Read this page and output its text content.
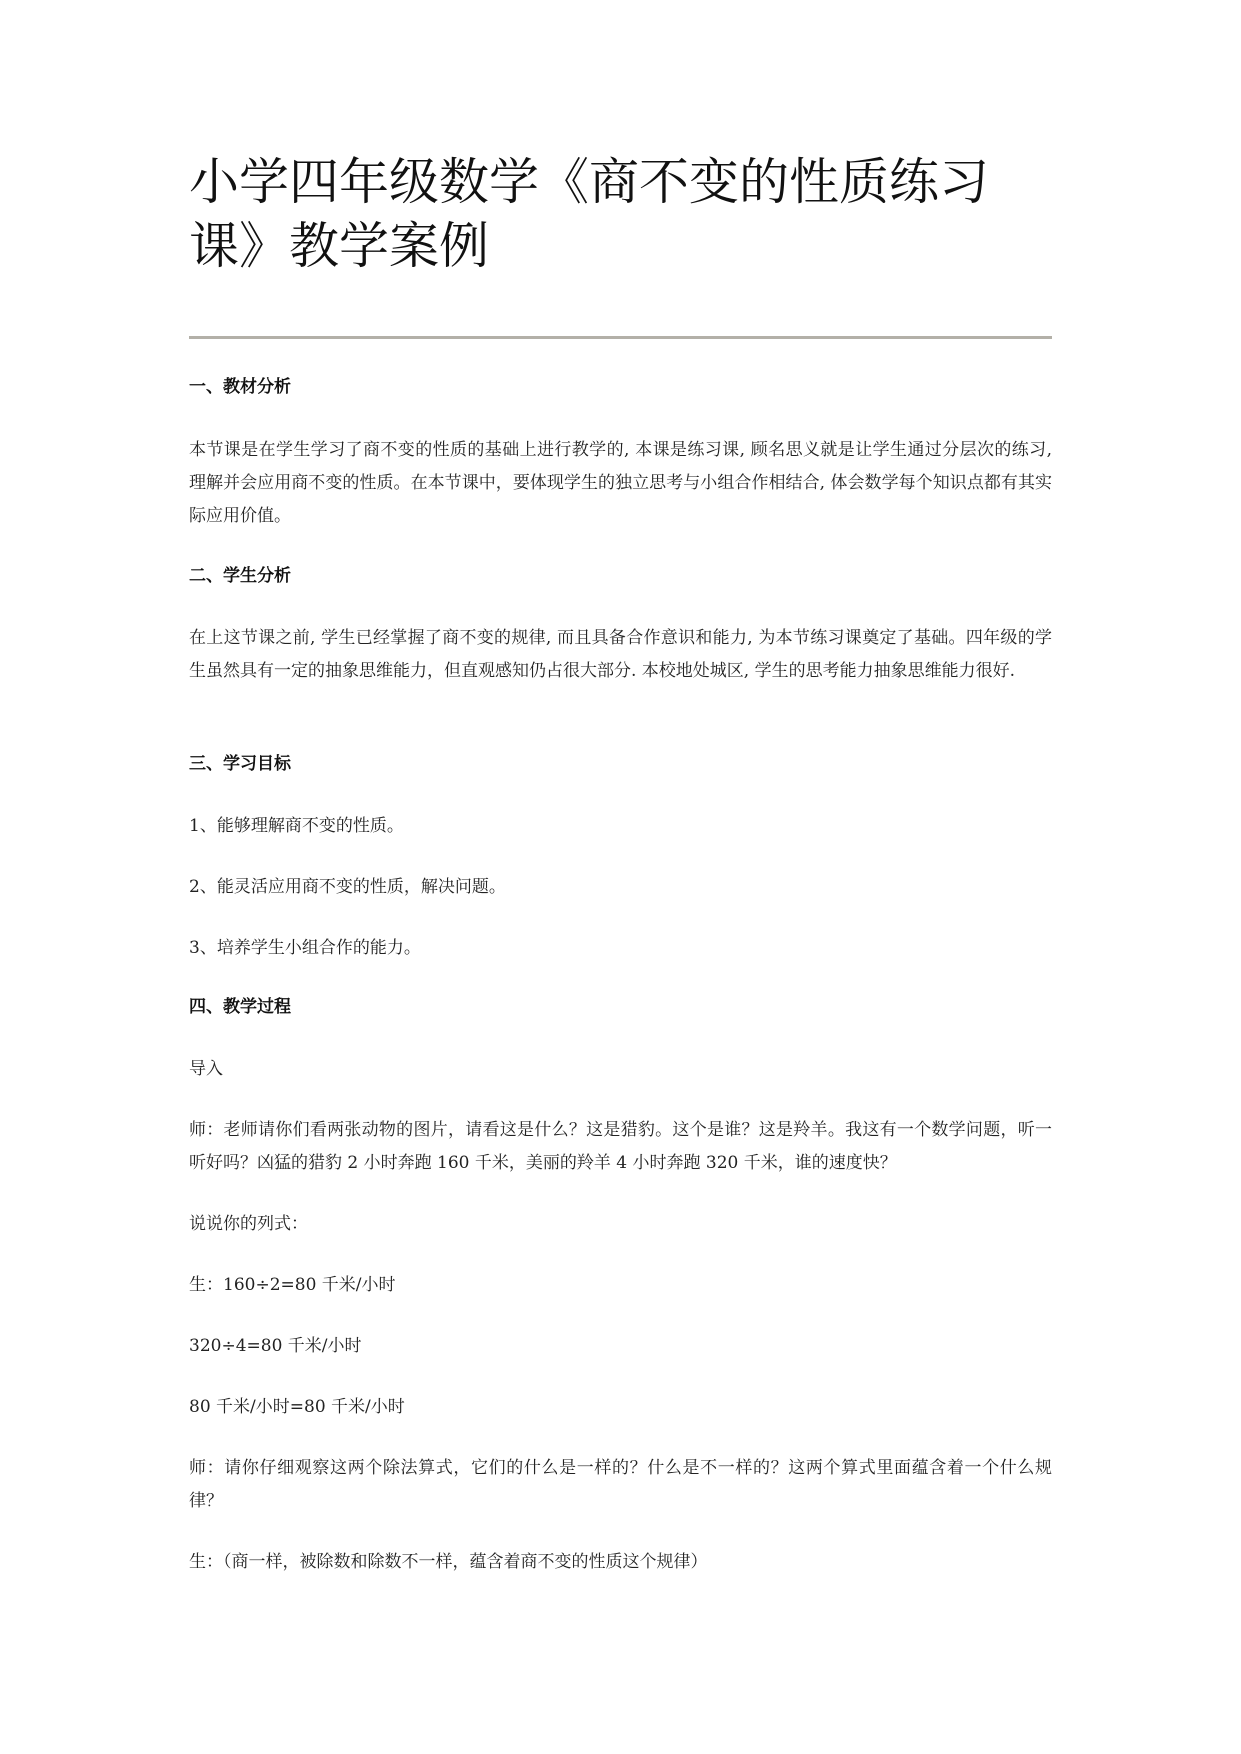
小学四年级数学《商不变的性质练习课》教学案例
一、教材分析

本节课是在学生学习了商不变的性质的基础上进行教学的, 本课是练习课, 顾名思义就是让学生通过分层次的练习, 理解并会应用商不变的性质。在本节课中，要体现学生的独立思考与小组合作相结合, 体会数学每个知识点都有其实际应用价值。

二、学生分析

在上这节课之前, 学生已经掌握了商不变的规律, 而且具备合作意识和能力, 为本节练习课奠定了基础。四年级的学生虽然具有一定的抽象思维能力，但直观感知仍占很大部分. 本校地处城区, 学生的思考能力抽象思维能力很好.

三、学习目标

1、能够理解商不变的性质。

2、能灵活应用商不变的性质，解决问题。

3、培养学生小组合作的能力。

四、教学过程

导入

师：老师请你们看两张动物的图片，请看这是什么？这是猎豹。这个是谁？这是羚羊。我这有一个数学问题，听一听好吗？凶猛的猎豹 2 小时奔跑 160 千米，美丽的羚羊 4 小时奔跑 320 千米，谁的速度快？

说说你的列式：

生：160÷2=80 千米/小时

320÷4=80 千米/小时

80 千米/小时=80 千米/小时

师：请你仔细观察这两个除法算式，它们的什么是一样的？什么是不一样的？这两个算式里面蕴含着一个什么规律？

生：（商一样，被除数和除数不一样，蕴含着商不变的性质这个规律）
